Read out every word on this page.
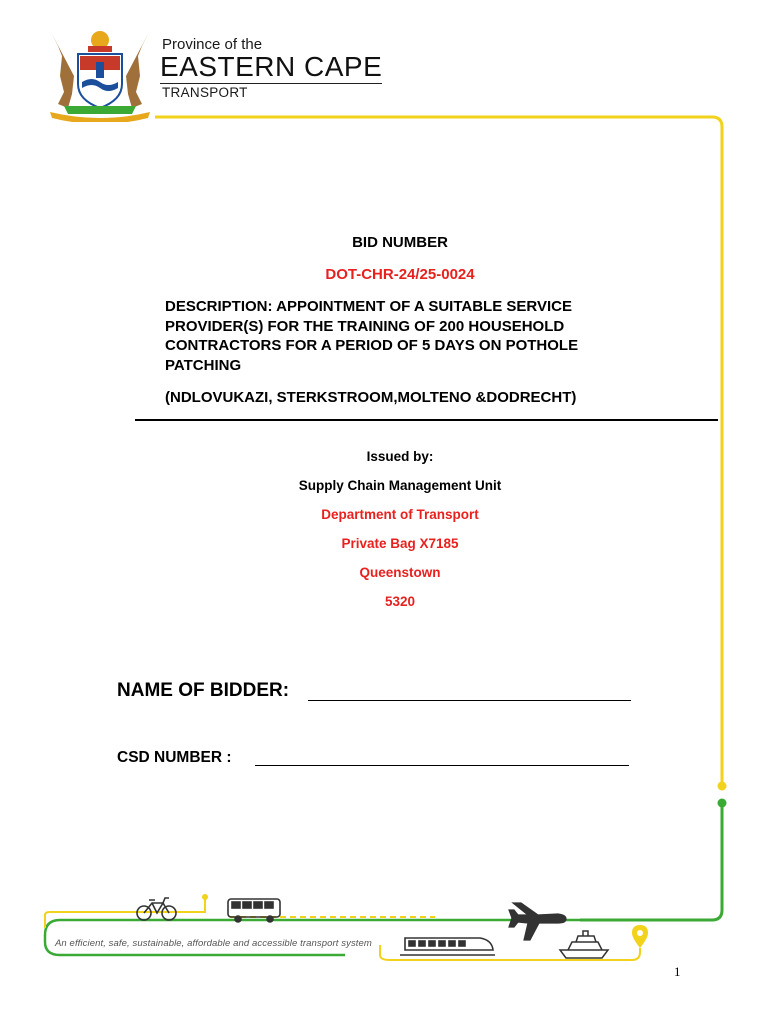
Province of the
EASTERN CAPE
TRANSPORT
BID NUMBER
DOT-CHR-24/25-0024
DESCRIPTION: APPOINTMENT OF A SUITABLE SERVICE
PROVIDER(S) FOR THE TRAINING OF 200 HOUSEHOLD
CONTRACTORS FOR A PERIOD OF 5 DAYS ON POTHOLE
PATCHING
(NDLOVUKAZI, STERKSTROOM,MOLTENO &DODRECHT)
Issued by:
Supply Chain Management Unit
Department of Transport
Private Bag X7185
Queenstown
5320
NAME OF BIDDER:
CSD NUMBER :
An efficient, safe, sustainable, affordable and accessible transport system
1
